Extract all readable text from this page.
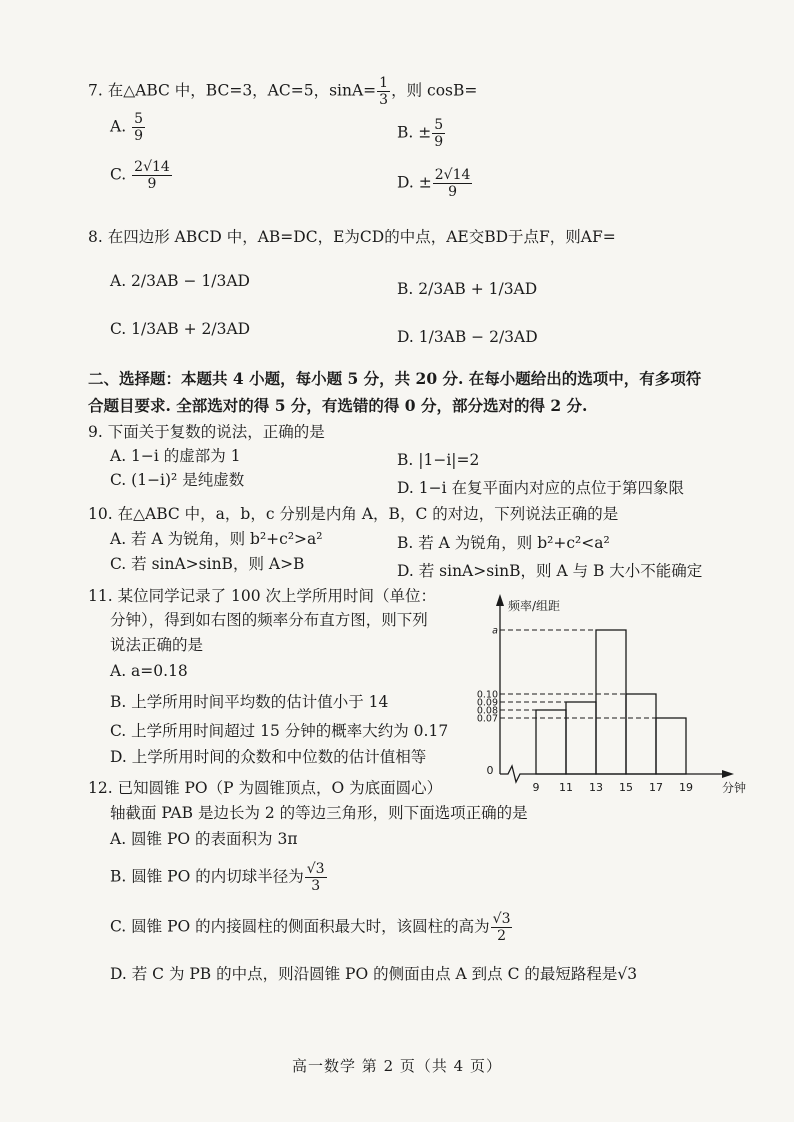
7. 在△ABC 中，BC=3，AC=5，$\sin A= \frac{1}{3}$ ，则 cosB=
A. $\frac{5}{9}$	B. ± $\frac{5}{9}$
C. $\frac{2√14}{9}$	D. ± $\frac{2√14}{9}$
8. 在四边形 ABCD 中，AB=DC，E为CD的中点，AE交BD于点F，则AF=
A. 2/3AB − 1/3AD	B. 2/3AB + 1/3AD
C. 1/3AB + 2/3AD	D. 1/3AB − 2/3AD
二、选择题：本题共 4 小题，每小题 5 分，共 20 分. 在每小题给出的选项中，有多项符
合题目要求. 全部选对的得 5 分，有选错的得 0 分，部分选对的得 2 分.
9. 下面关于复数的说法，正确的是
A. 1−i 的虚部为 1	B. |1−i|=2
C. (1−i)² 是纯虚数	D. 1−i 在复平面内对应的点位于第四象限
10. 在△ABC 中，a，b，c 分别是内角 A，B，C 的对边，下列说法正确的是
A. 若 A 为锐角，则 b²+c²>a²	B. 若 A 为锐角，则 b²+c²<a²
C. 若 sinA>sinB，则 A>B	D. 若 sinA>sinB，则 A 与 B 大小不能确定
11. 某位同学记录了 100 次上学所用时间（单位：
分钟），得到如右图的频率分布直方图，则下列
说法正确的是
A. a=0.18
B. 上学所用时间平均数的估计值小于 14
C. 上学所用时间超过 15 分钟的概率大约为 0.17
D. 上学所用时间的众数和中位数的估计值相等
频率/组距
分钟
0
a
0.10
0.09
0.08
0.07
9 11 13 15 17 19
12. 已知圆锥 PO（P 为圆锥顶点，O 为底面圆心）
轴截面 PAB 是边长为 2 的等边三角形，则下面选项正确的是
A. 圆锥 PO 的表面积为 3π
B. 圆锥 PO 的内切球半径为 $\frac{√3}{3}$
C. 圆锥 PO 的内接圆柱的侧面积最大时，该圆柱的高为 $\frac{√3}{2}$
D. 若 C 为 PB 的中点，则沿圆锥 PO 的侧面由点 A 到点 C 的最短路程是√3
高一数学 第 2 页（共 4 页）
